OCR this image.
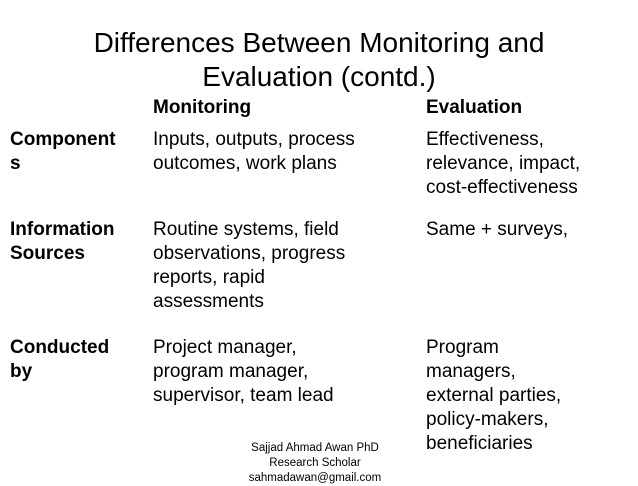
Differences Between Monitoring and
Evaluation (contd.)
Monitoring	Evaluation
Component
s
Inputs, outputs, process
outcomes, work plans
Effectiveness,
relevance, impact,
cost-effectiveness
Information
Sources
Routine systems, field
observations, progress
reports, rapid
assessments
Same + surveys,
Conducted
by
Project manager,
program manager,
supervisor, team lead
Program
managers,
external parties,
policy-makers,
beneficiaries
Sajjad Ahmad Awan PhD
Research Scholar
sahmadawan@gmail.com
